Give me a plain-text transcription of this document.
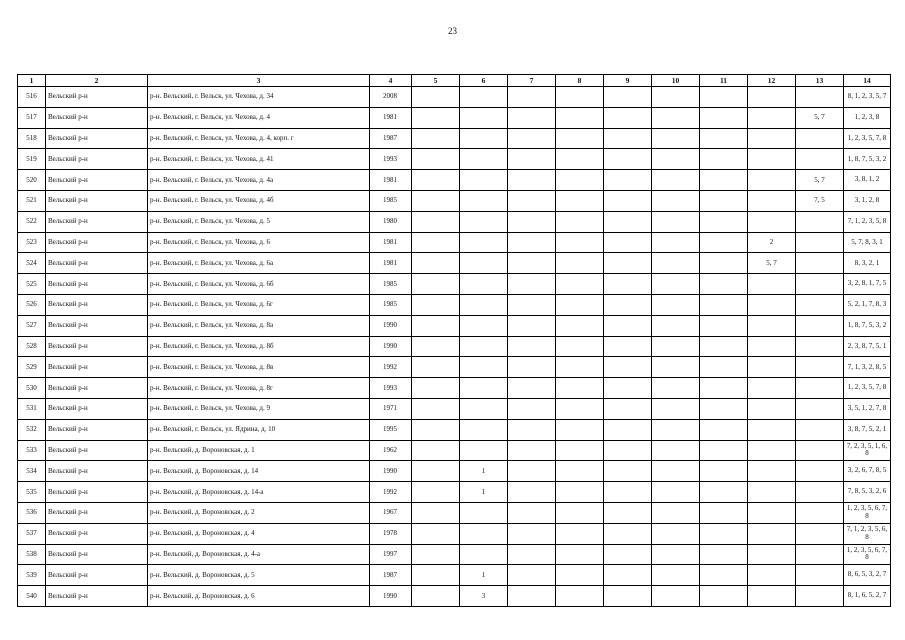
23
1	2	3	4	5	6	7	8	9	10	11	12	13	14
516	Вельский р-н	р-н. Вельский, г. Вельск, ул. Чехова, д. 34	2008										8, 1, 2, 3, 5, 7
517	Вельский р-н	р-н. Вельский, г. Вельск, ул. Чехова, д. 4	1981									5, 7	1, 2, 3, 8
518	Вельский р-н	р-н. Вельский, г. Вельск, ул. Чехова, д. 4, корп. г	1987										1, 2, 3, 5, 7, 8
519	Вельский р-н	р-н. Вельский, г. Вельск, ул. Чехова, д. 41	1993										1, 8, 7, 5, 3, 2
520	Вельский р-н	р-н. Вельский, г. Вельск, ул. Чехова, д. 4а	1981									5, 7	3, 8, 1, 2
521	Вельский р-н	р-н. Вельский, г. Вельск, ул. Чехова, д. 4б	1985									7, 5	3, 1, 2, 8
522	Вельский р-н	р-н. Вельский, г. Вельск, ул. Чехова, д. 5	1980										7, 1, 2, 3, 5, 8
523	Вельский р-н	р-н. Вельский, г. Вельск, ул. Чехова, д. 6	1981								2		5, 7, 8, 3, 1
524	Вельский р-н	р-н. Вельский, г. Вельск, ул. Чехова, д. 6а	1981								5, 7		8, 3, 2, 1
525	Вельский р-н	р-н. Вельский, г. Вельск, ул. Чехова, д. 6б	1985										3, 2, 8, 1, 7, 5
526	Вельский р-н	р-н. Вельский, г. Вельск, ул. Чехова, д. 6г	1985										5, 2, 1, 7, 8, 3
527	Вельский р-н	р-н. Вельский, г. Вельск, ул. Чехова, д. 8а	1990										1, 8, 7, 5, 3, 2
528	Вельский р-н	р-н. Вельский, г. Вельск, ул. Чехова, д. 8б	1990										2, 3, 8, 7, 5, 1
529	Вельский р-н	р-н. Вельский, г. Вельск, ул. Чехова, д. 8в	1992										7, 1, 3, 2, 8, 5
530	Вельский р-н	р-н. Вельский, г. Вельск, ул. Чехова, д. 8г	1993										1, 2, 3, 5, 7, 8
531	Вельский р-н	р-н. Вельский, г. Вельск, ул. Чехова, д. 9	1971										3, 5, 1, 2, 7, 8
532	Вельский р-н	р-н. Вельский, г. Вельск, ул. Ядрина, д. 10	1995										3, 8, 7, 5, 2, 1
533	Вельский р-н	р-н. Вельский, д. Вороновская, д. 1	1962										7, 2, 3, 5, 1, 6, 8
534	Вельский р-н	р-н. Вельский, д. Вороновская, д. 14	1990		1								3, 2, 6, 7, 8, 5
535	Вельский р-н	р-н. Вельский, д. Вороновская, д. 14-а	1992		1								7, 8, 5, 3, 2, 6
536	Вельский р-н	р-н. Вельский, д. Вороновская, д. 2	1967										1, 2, 3, 5, 6, 7, 8
537	Вельский р-н	р-н. Вельский, д. Вороновская, д. 4	1978										7, 1, 2, 3, 5, 6, 8
538	Вельский р-н	р-н. Вельский, д. Вороновская, д. 4-а	1997										1, 2, 3, 5, 6, 7, 8
539	Вельский р-н	р-н. Вельский, д. Вороновская, д. 5	1987		1								8, 6, 5, 3, 2, 7
540	Вельский р-н	р-н. Вельский, д. Вороновская, д. 6	1990		3								8, 1, 6, 5, 2, 7
